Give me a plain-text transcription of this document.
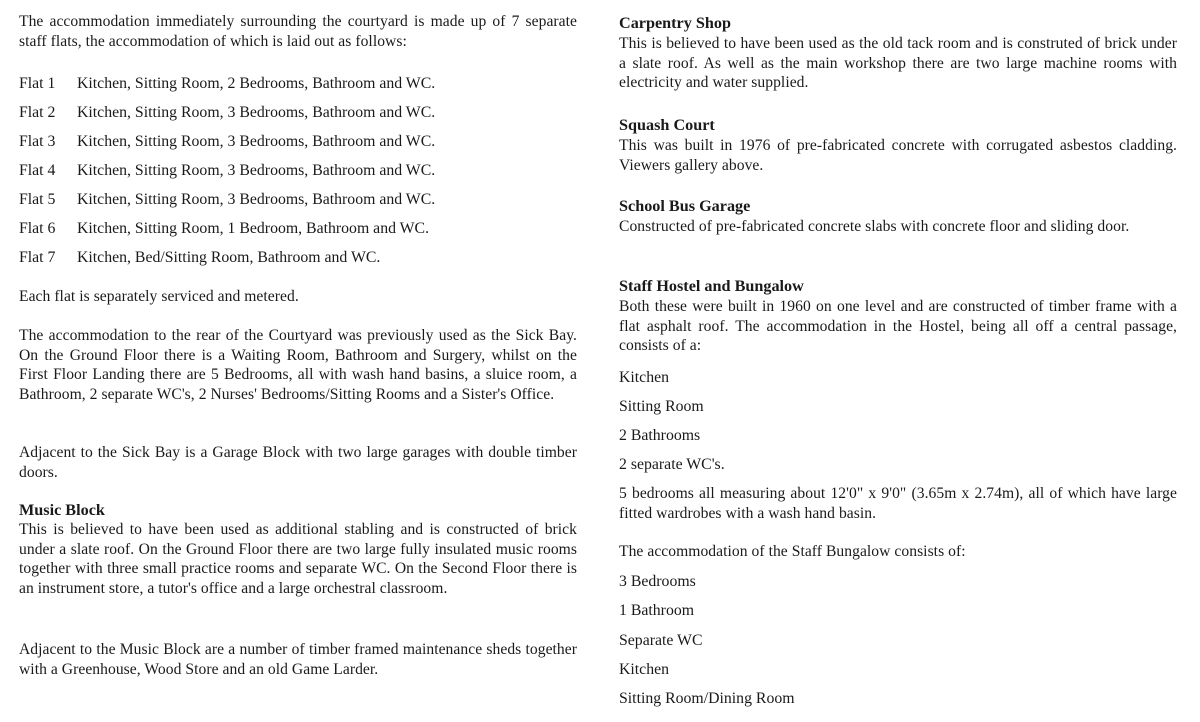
The accommodation immediately surrounding the courtyard is made up of 7 separate staff flats, the accommodation of which is laid out as follows:

Flat 1 Kitchen, Sitting Room, 2 Bedrooms, Bathroom and WC.
Flat 2 Kitchen, Sitting Room, 3 Bedrooms, Bathroom and WC.
Flat 3 Kitchen, Sitting Room, 3 Bedrooms, Bathroom and WC.
Flat 4 Kitchen, Sitting Room, 3 Bedrooms, Bathroom and WC.
Flat 5 Kitchen, Sitting Room, 3 Bedrooms, Bathroom and WC.
Flat 6 Kitchen, Sitting Room, 1 Bedroom, Bathroom and WC.
Flat 7 Kitchen, Bed/Sitting Room, Bathroom and WC.

Each flat is separately serviced and metered.

The accommodation to the rear of the Courtyard was previously used as the Sick Bay. On the Ground Floor there is a Waiting Room, Bathroom and Surgery, whilst on the First Floor Landing there are 5 Bedrooms, all with wash hand basins, a sluice room, a Bathroom, 2 separate WC's, 2 Nurses' Bedrooms/Sitting Rooms and a Sister's Office.

Adjacent to the Sick Bay is a Garage Block with two large garages with double timber doors.

Music Block

This is believed to have been used as additional stabling and is constructed of brick under a slate roof. On the Ground Floor there are two large fully insulated music rooms together with three small practice rooms and separate WC. On the Second Floor there is an instrument store, a tutor's office and a large orchestral classroom.

Adjacent to the Music Block are a number of timber framed maintenance sheds together with a Greenhouse, Wood Store and an old Game Larder.

Carpentry Shop

This is believed to have been used as the old tack room and is construted of brick under a slate roof. As well as the main workshop there are two large machine rooms with electricity and water supplied.

Squash Court

This was built in 1976 of pre-fabricated concrete with corrugated asbestos cladding. Viewers gallery above.

School Bus Garage

Constructed of pre-fabricated concrete slabs with concrete floor and sliding door.

Staff Hostel and Bungalow

Both these were built in 1960 on one level and are constructed of timber frame with a flat asphalt roof. The accommodation in the Hostel, being all off a central passage, consists of a:

Kitchen
Sitting Room
2 Bathrooms
2 separate WC's.

5 bedrooms all measuring about 12'0" x 9'0" (3.65m x 2.74m), all of which have large fitted wardrobes with a wash hand basin.

The accommodation of the Staff Bungalow consists of:

3 Bedrooms
1 Bathroom
Separate WC
Kitchen
Sitting Room/Dining Room
